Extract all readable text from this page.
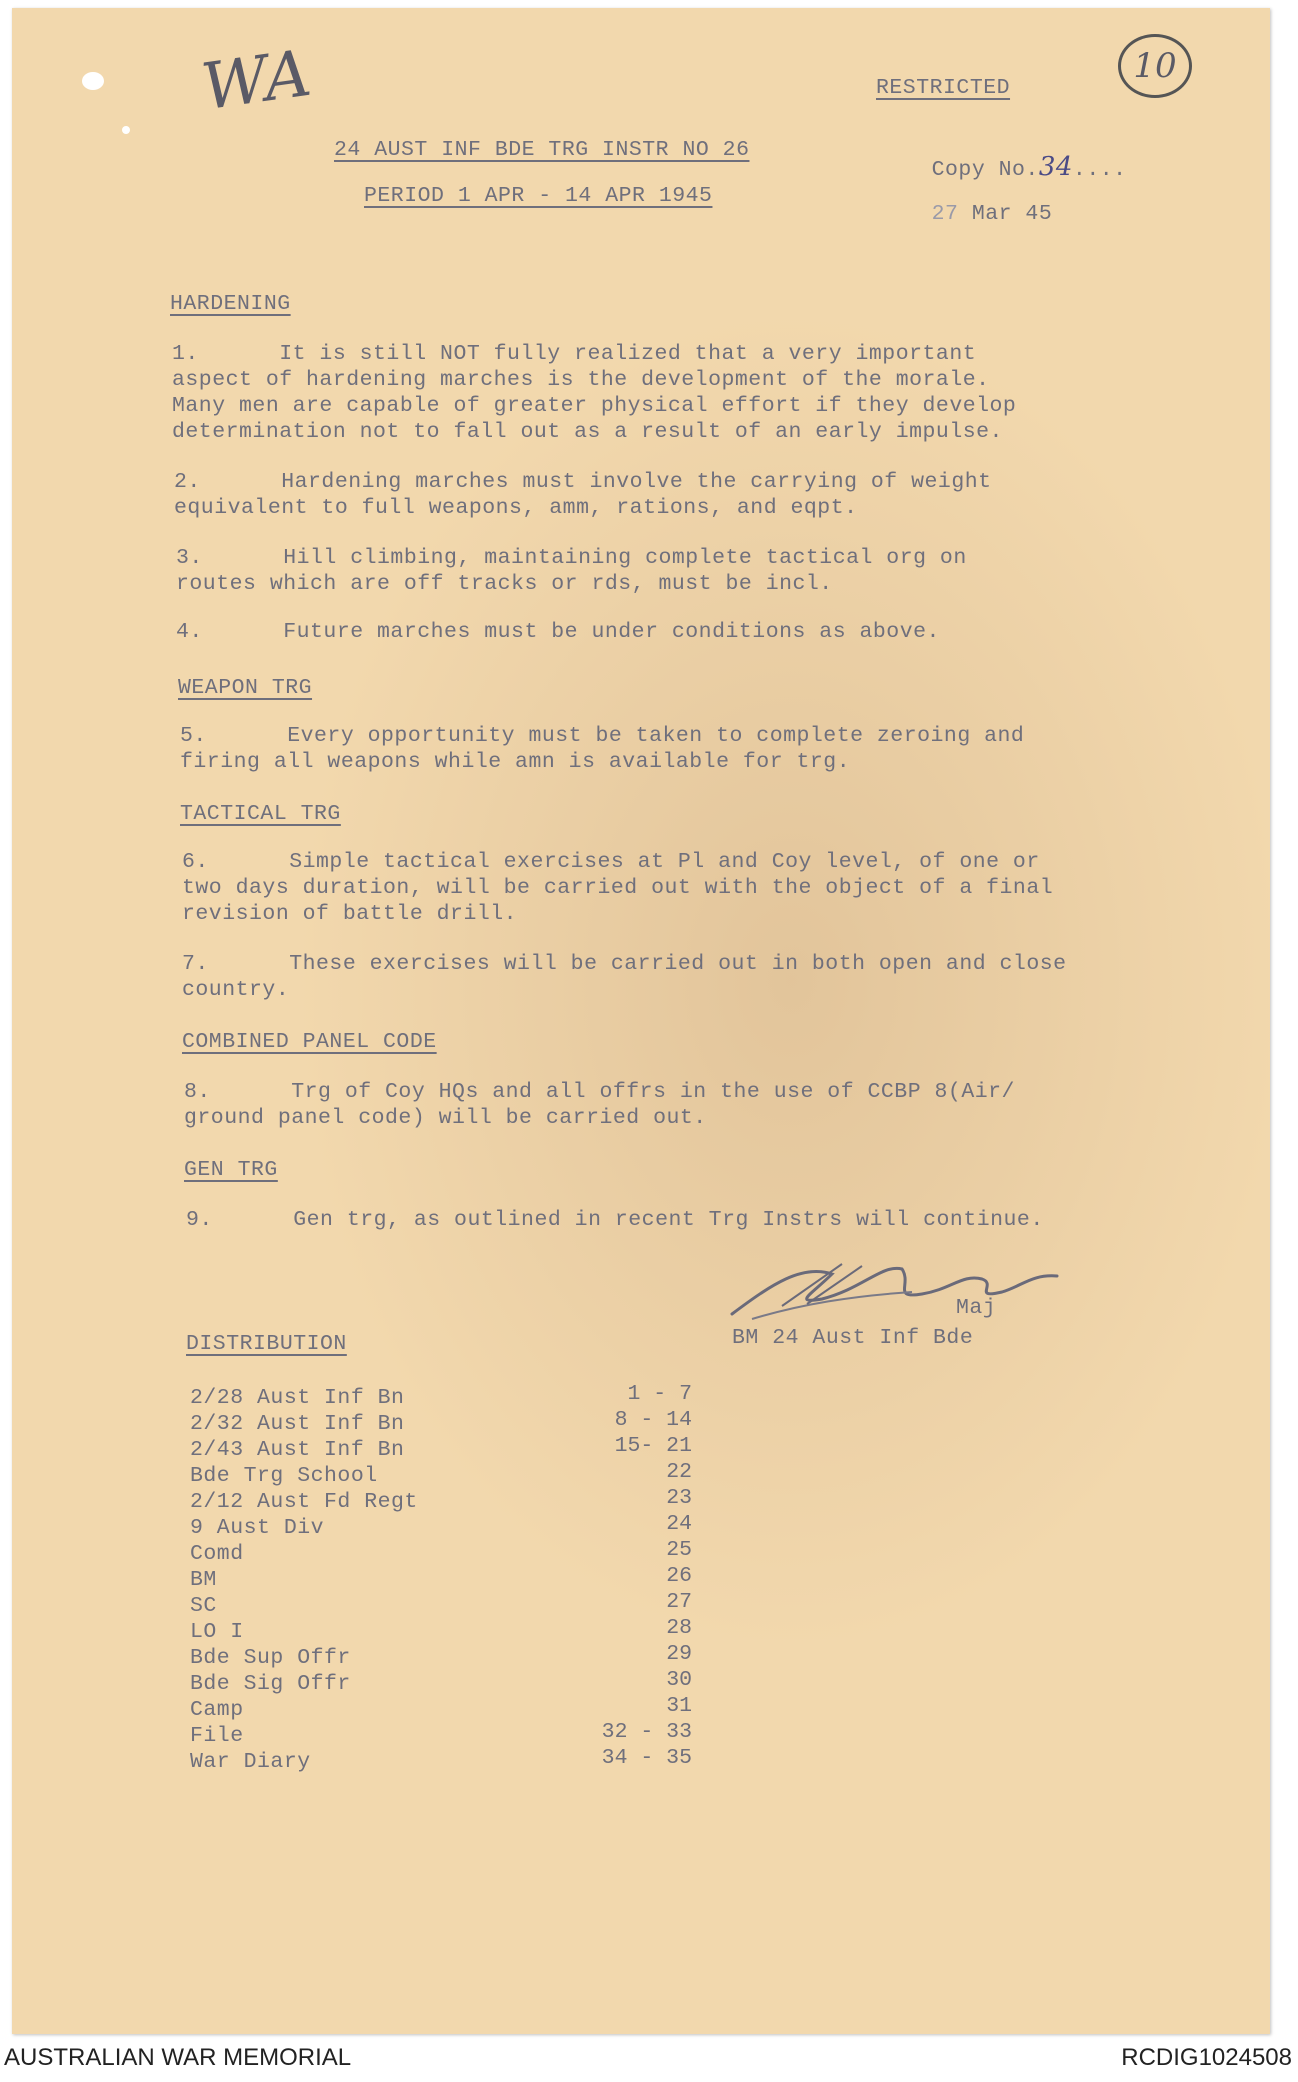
WA	10
RESTRICTED

Copy No.34....

24 AUST INF BDE TRG INSTR NO 26
PERIOD 1 APR - 14 APR 1945

27 Mar 45

HARDENING
1.      It is still NOT fully realized that a very important
aspect of hardening marches is the development of the morale.
Many men are capable of greater physical effort if they develop
determination not to fall out as a result of an early impulse.
2.      Hardening marches must involve the carrying of weight
equivalent to full weapons, amm, rations, and eqpt.
3.      Hill climbing, maintaining complete tactical org on
routes which are off tracks or rds, must be incl.
4.      Future marches must be under conditions as above.
WEAPON TRG
5.      Every opportunity must be taken to complete zeroing and
firing all weapons while amn is available for trg.
TACTICAL TRG
6.      Simple tactical exercises at Pl and Coy level, of one or
two days duration, will be carried out with the object of a final
revision of battle drill.
7.      These exercises will be carried out in both open and close
country.
COMBINED PANEL CODE
8.      Trg of Coy HQs and all offrs in the use of CCBP 8(Air/
ground panel code) will be carried out.
GEN TRG
9.      Gen trg, as outlined in recent Trg Instrs will continue.
Maj
BM 24 Aust Inf Bde
DISTRIBUTION
2/28 Aust Inf Bn	1 - 7
2/32 Aust Inf Bn	8 - 14
2/43 Aust Inf Bn	15- 21
Bde Trg School	22
2/12 Aust Fd Regt	23
9 Aust Div	24
Comd	25
BM	26
SC	27
LO I	28
Bde Sup Offr	29
Bde Sig Offr	30
Camp	31
File	32 - 33
War Diary	34 - 35
AUSTRALIAN WAR MEMORIAL	RCDIG1024508
